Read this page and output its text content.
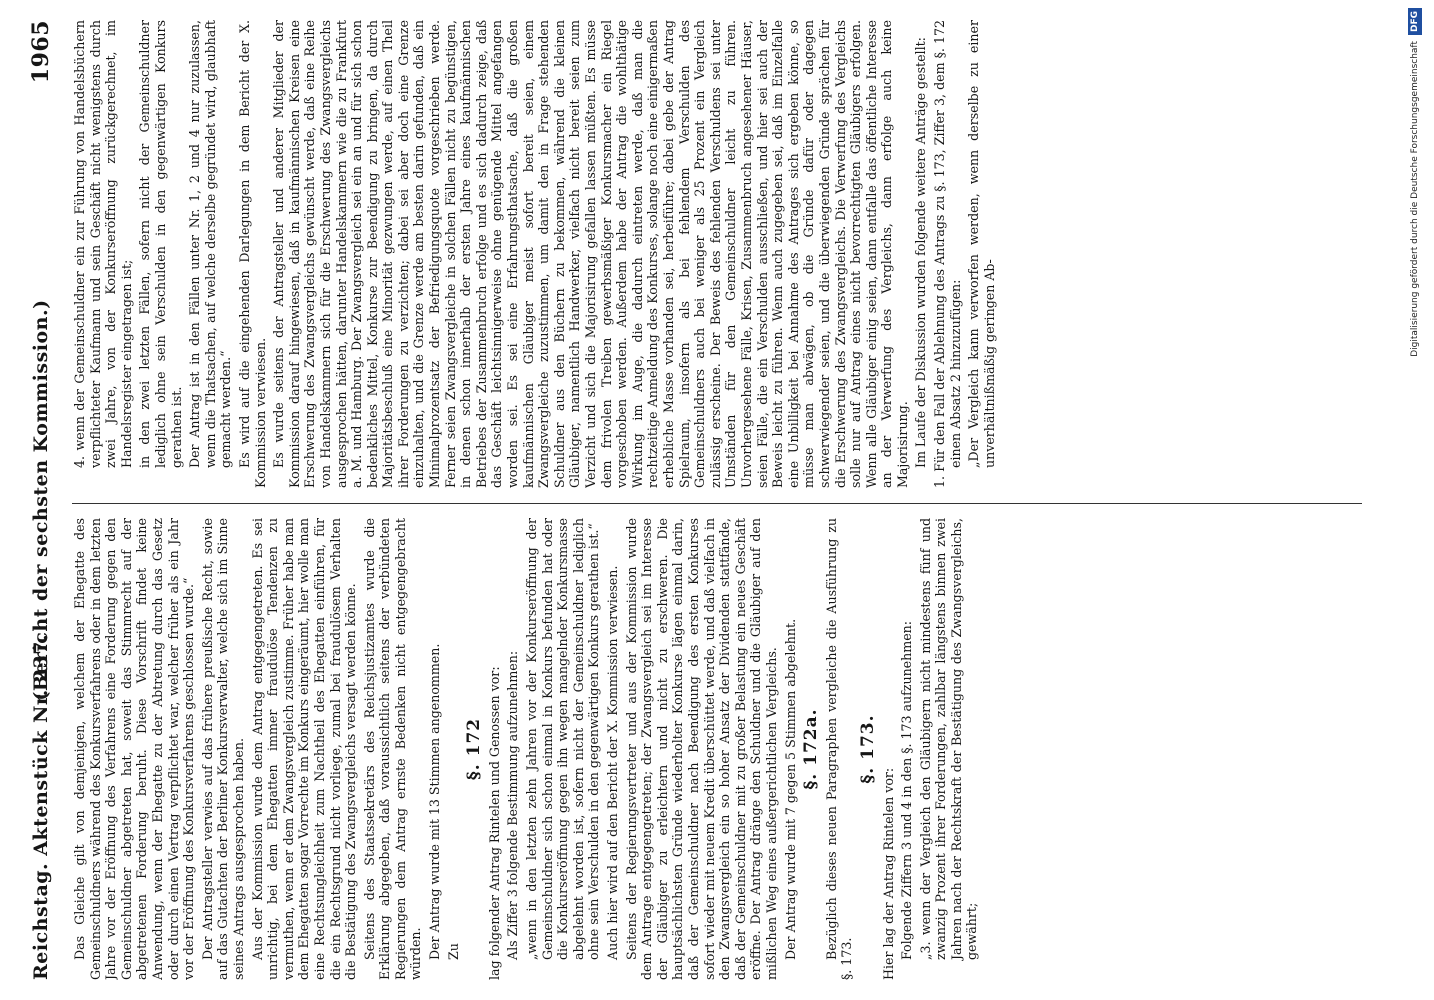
Reichstag. Aktenstück Nr. 237.
(Bericht der sechsten Kommission.)
1965

Das Gleiche gilt von demjenigen, welchem der Ehegatte des Gemeinschuldners während des Konkursverfahrens oder in dem letzten Jahre vor der Eröffnung des Verfahrens eine Forderung gegen den Gemeinschuldner abgetreten hat, soweit das Stimmrecht auf der abgetretenen Forderung beruht. Diese Vorschrift findet keine Anwendung, wenn der Ehegatte zu der Abtretung durch das Gesetz oder durch einen Vertrag verpflichtet war, welcher früher als ein Jahr vor der Eröffnung des Konkursverfahrens geschlossen wurde.“ Der Antragsteller verwies auf das frühere preußische Recht, sowie auf das Gutachten der Berliner Konkursverwalter, welche sich im Sinne seines Antrags ausgesprochen haben. Aus der Kommission wurde dem Antrag entgegengetreten. Es sei unrichtig, bei dem Ehegatten immer fraudulöse Tendenzen zu vermuthen, wenn er dem Zwangsvergleich zustimme. Früher habe man dem Ehegatten sogar Vorrechte im Konkurs eingeräumt, hier wolle man eine Rechtsungleichheit zum Nachtheil des Ehegatten einführen, für die ein Rechtsgrund nicht vorliege, zumal bei fraudulösem Verhalten die Bestätigung des Zwangsvergleichs versagt werden könne. Seitens des Staatssekretärs des Reichsjustizamtes wurde die Erklärung abgegeben, daß voraussichtlich seitens der verbündeten Regierungen dem Antrag ernste Bedenken nicht entgegengebracht würden. Der Antrag wurde mit 13 Stimmen angenommen. Zu

§. 172 lag folgender Antrag Rintelen und Genossen vor: Als Ziffer 3 folgende Bestimmung aufzunehmen: „wenn in den letzten zehn Jahren vor der Konkurseröffnung der Gemeinschuldner sich schon einmal in Konkurs befunden hat oder die Konkurseröffnung gegen ihn wegen mangelnder Konkursmasse abgelehnt worden ist, sofern nicht der Gemeinschuldner lediglich ohne sein Verschulden in den gegenwärtigen Konkurs gerathen ist.“ Auch hier wird auf den Bericht der X. Kommission verwiesen. Seitens der Regierungsvertreter und aus der Kommission wurde dem Antrage entgegengetreten; der Zwangsvergleich sei im Interesse der Gläubiger zu erleichtern und nicht zu erschweren. Die hauptsächlichsten Gründe wiederholter Konkurse lägen einmal darin, daß der Gemeinschuldner nach Beendigung des ersten Konkurses sofort wieder mit neuem Kredit überschüttet werde, und daß vielfach in den Zwangsvergleich ein so hoher Ansatz der Dividenden stattfände, daß der Gemeinschuldner mit zu großer Belastung ein neues Geschäft eröffne. Der Antrag dränge den Schuldner und die Gläubiger auf den mißlichen Weg eines außergerichtlichen Vergleichs. Der Antrag wurde mit 7 gegen 5 Stimmen abgelehnt. §. 172a. Bezüglich dieses neuen Paragraphen vergleiche die Ausführung zu §. 173.

§. 173.

Hier lag der Antrag Rintelen vor: Folgende Ziffern 3 und 4 in den §. 173 aufzunehmen: „3. wenn der Vergleich den Gläubigern nicht mindestens fünf und zwanzig Prozent ihrer Forderungen, zahlbar längstens binnen zwei Jahren nach der Rechtskraft der Bestätigung des Zwangsvergleichs, gewährt;

4. wenn der Gemeinschuldner ein zur Führung von Handelsbüchern verpflichteter Kaufmann und sein Geschäft nicht wenigstens durch zwei Jahre, von der Konkurseröffnung zurückgerechnet, im Handelsregister eingetragen ist; in den zwei letzten Fällen, sofern nicht der Gemeinschuldner lediglich ohne sein Verschulden in den gegenwärtigen Konkurs gerathen ist. Der Antrag ist in den Fällen unter Nr. 1, 2 und 4 nur zuzulassen, wenn die Thatsachen, auf welche derselbe gegründet wird, glaubhaft gemacht werden.“ Es wird auf die eingehenden Darlegungen in dem Bericht der X. Kommission verwiesen. Es wurde seitens der Antragsteller und anderer Mitglieder der Kommission darauf hingewiesen, daß in kaufmännischen Kreisen eine Erschwerung des Zwangsvergleichs gewünscht werde, daß eine Reihe von Handelskammern sich für die Erschwerung des Zwangsvergleichs ausgesprochen hätten, darunter Handelskammern wie die zu Frankfurt a. M. und Hamburg. Der Zwangsvergleich sei ein an und für sich schon bedenkliches Mittel, Konkurse zur Beendigung zu bringen, da durch Majoritätsbeschluß eine Minorität gezwungen werde, auf einen Theil ihrer Forderungen zu verzichten; dabei sei aber doch eine Grenze einzuhalten, und die Grenze werde am besten darin gefunden, daß ein Minimalprozentsatz der Befriedigungsquote vorgeschrieben werde. Ferner seien Zwangsvergleiche in solchen Fällen nicht zu begünstigen, in denen schon innerhalb der ersten Jahre eines kaufmännischen Betriebes der Zusammenbruch erfolge und es sich dadurch zeige, daß das Geschäft leichtsinnigerweise ohne genügende Mittel angefangen worden sei. Es sei eine Erfahrungsthatsache, daß die großen kaufmännischen Gläubiger meist sofort bereit seien, einem Zwangsvergleiche zuzustimmen, um damit den in Frage stehenden Schuldner aus den Büchern zu bekommen, während die kleinen Gläubiger, namentlich Handwerker, vielfach nicht bereit seien zum Verzicht und sich die Majorisirung gefallen lassen müßten. Es müsse dem frivolen Treiben gewerbsmäßiger Konkursmacher ein Riegel vorgeschoben werden. Außerdem habe der Antrag die wohlthätige Wirkung im Auge, die dadurch eintreten werde, daß man die rechtzeitige Anmeldung des Konkurses, solange noch eine einigermaßen erhebliche Masse vorhanden sei, herbeiführe; dabei gebe der Antrag Spielraum, insofern als bei fehlendem Verschulden des Gemeinschuldners auch bei weniger als 25 Prozent ein Vergleich zulässig erscheine. Der Beweis des fehlenden Verschuldens sei unter Umständen für den Gemeinschuldner leicht zu führen. Unvorhergesehene Fälle, Krisen, Zusammenbruch angesehener Häuser, seien Fälle, die ein Verschulden ausschließen, und hier sei auch der Beweis leicht zu führen. Wenn auch zugegeben sei, daß im Einzelfalle eine Unbilligkeit bei Annahme des Antrages sich ergeben könne, so müsse man abwägen, ob die Gründe dafür oder dagegen schwerwiegender seien, und die überwiegenden Gründe sprächen für die Erschwerung des Zwangsvergleichs. Die Verwerfung des Vergleichs solle nur auf Antrag eines nicht bevorrechtigten Gläubigers erfolgen. Wenn alle Gläubiger einig seien, dann entfalle das öffentliche Interesse an der Verwerfung des Vergleichs, dann erfolge auch keine Majorisirung. Im Laufe der Diskussion wurden folgende weitere Anträge gestellt: 1. Für den Fall der Ablehnung des Antrags zu §. 173, Ziffer 3, dem §. 172 einen Absatz 2 hinzuzufügen: „Der Vergleich kann verworfen werden, wenn derselbe zu einer unverhältnißmäßig geringen Ab-

Digitalisierung gefördert durch die Deutsche ForschungsgemeinschaftDFG
